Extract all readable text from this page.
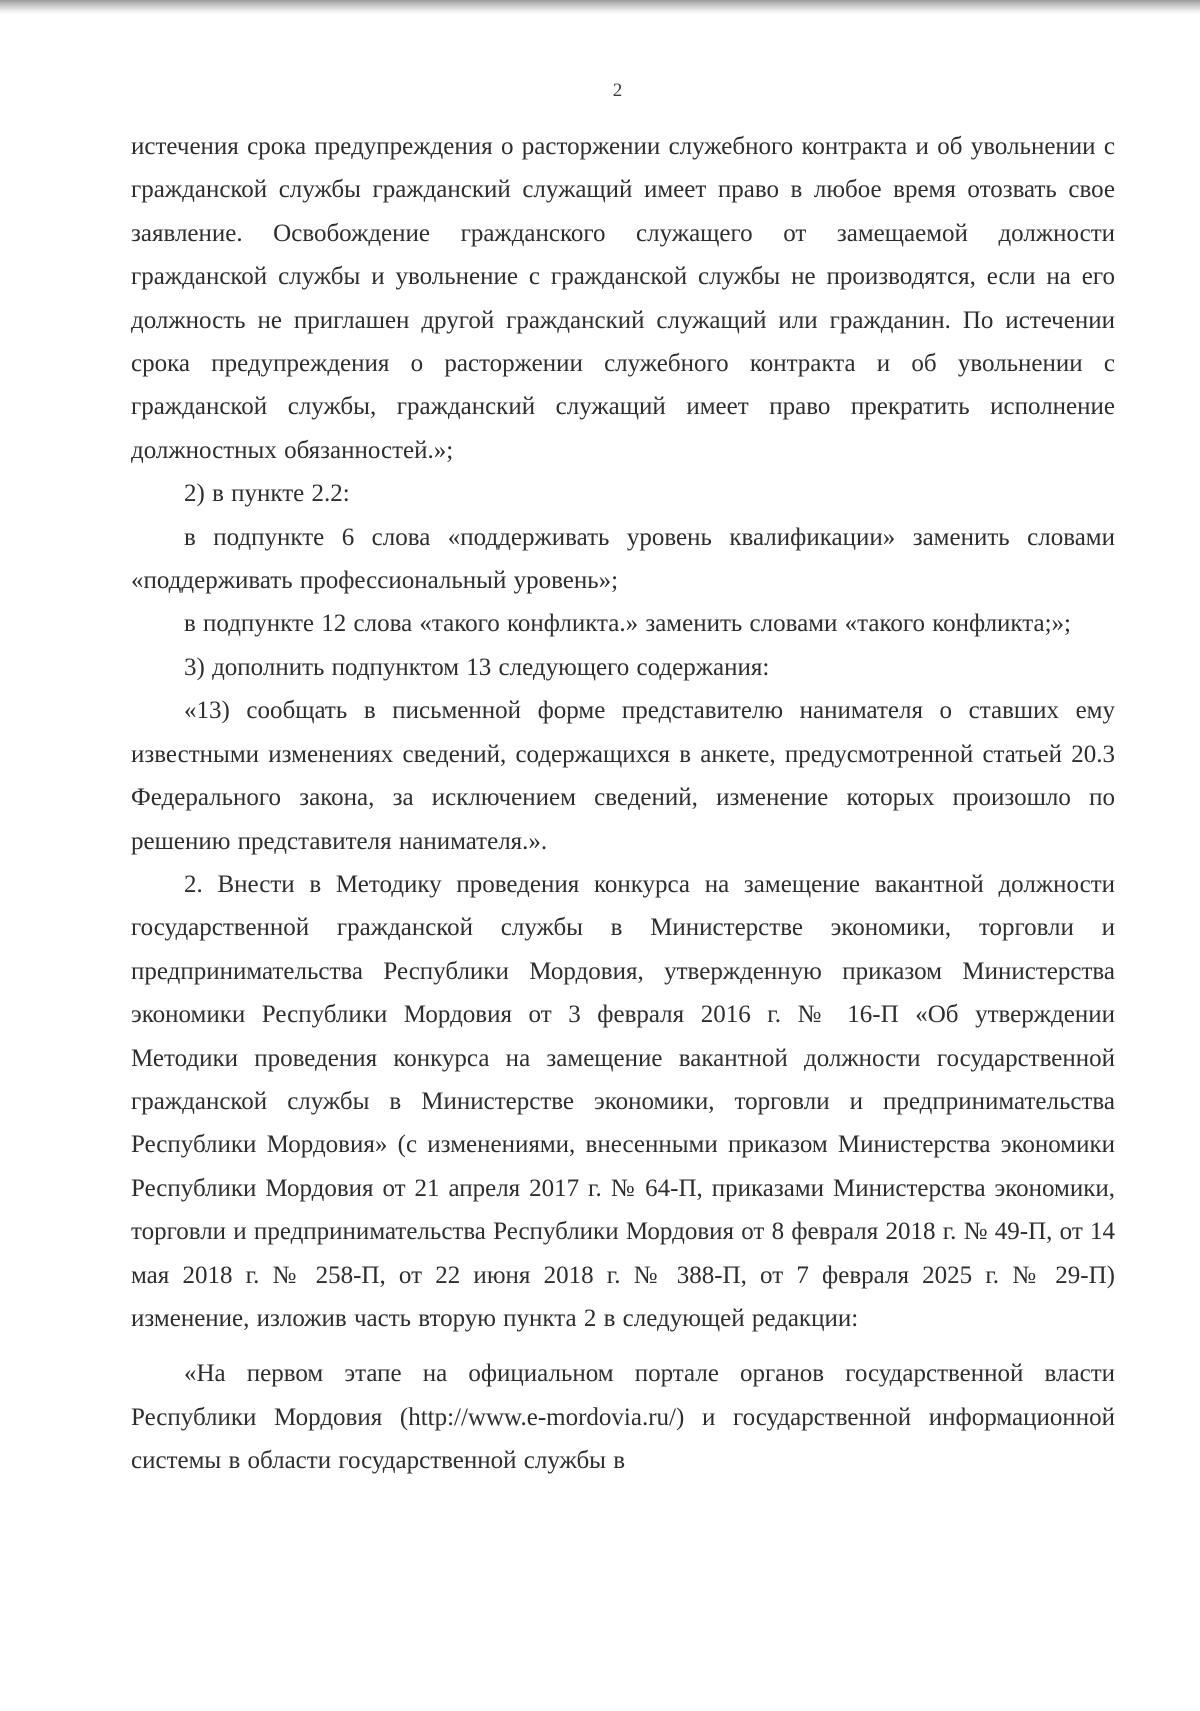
2

истечения срока предупреждения о расторжении служебного контракта и об увольнении с гражданской службы гражданский служащий имеет право в любое время отозвать свое заявление. Освобождение гражданского служащего от замещаемой должности гражданской службы и увольнение с гражданской службы не производятся, если на его должность не приглашен другой гражданский служащий или гражданин. По истечении срока предупреждения о расторжении служебного контракта и об увольнении с гражданской службы, гражданский служащий имеет право прекратить исполнение должностных обязанностей.»;

2) в пункте 2.2:

в подпункте 6 слова «поддерживать уровень квалификации» заменить словами «поддерживать профессиональный уровень»;

в подпункте 12 слова «такого конфликта.» заменить словами «такого конфликта;»;

3) дополнить подпунктом 13 следующего содержания:

«13) сообщать в письменной форме представителю нанимателя о ставших ему известными изменениях сведений, содержащихся в анкете, предусмотренной статьей 20.3 Федерального закона, за исключением сведений, изменение которых произошло по решению представителя нанимателя.».

2. Внести в Методику проведения конкурса на замещение вакантной должности государственной гражданской службы в Министерстве экономики, торговли и предпринимательства Республики Мордовия, утвержденную приказом Министерства экономики Республики Мордовия от 3 февраля 2016 г. № 16-П «Об утверждении Методики проведения конкурса на замещение вакантной должности государственной гражданской службы в Министерстве экономики, торговли и предпринимательства Республики Мордовия» (с изменениями, внесенными приказом Министерства экономики Республики Мордовия от 21 апреля 2017 г. № 64-П, приказами Министерства экономики, торговли и предпринимательства Республики Мордовия от 8 февраля 2018 г. № 49-П, от 14 мая 2018 г. № 258-П, от 22 июня 2018 г. № 388-П, от 7 февраля 2025 г. № 29-П) изменение, изложив часть вторую пункта 2 в следующей редакции:

«На первом этапе на официальном портале органов государственной власти Республики Мордовия (http://www.e-mordovia.ru/) и государственной информационной системы в области государственной службы в
